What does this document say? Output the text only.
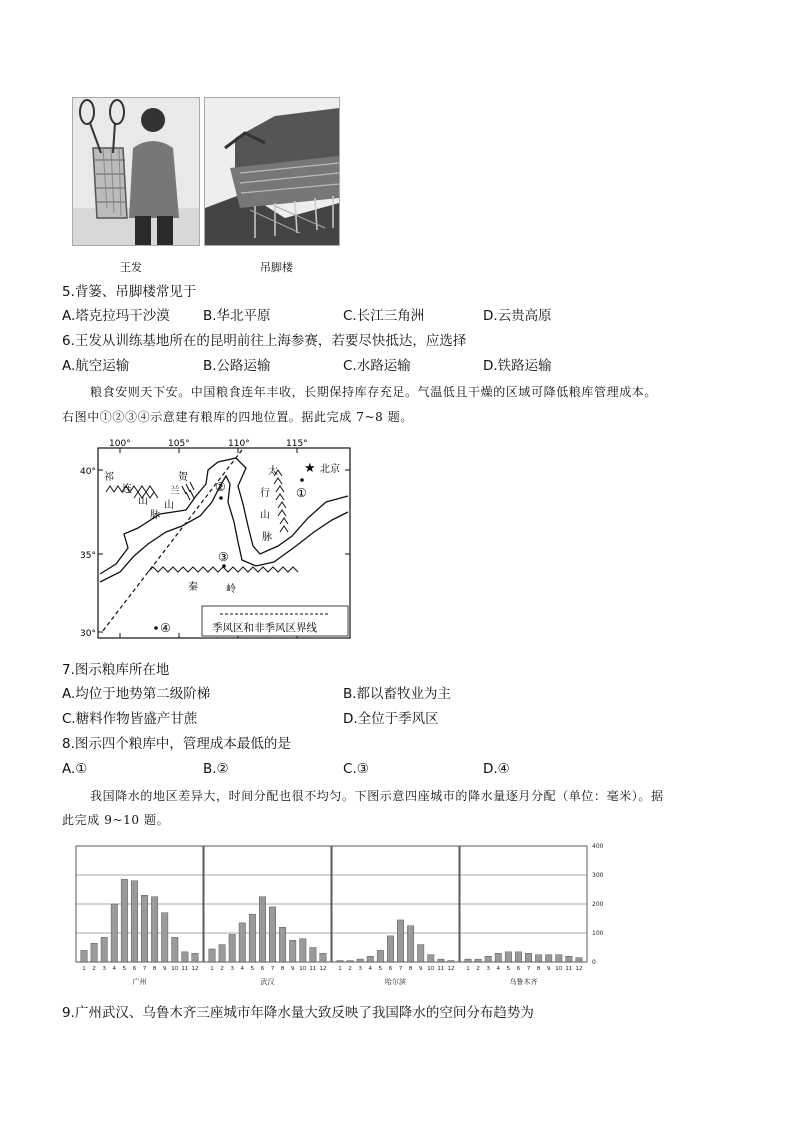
王发	吊脚楼
5.背篓、吊脚楼常见于
A.塔克拉玛干沙漠 B.华北平原	C.长江三角洲	D.云贵高原
6.王发从训练基地所在的昆明前往上海参赛，若要尽快抵达，应选择
A.航空运输	B.公路运输	C.水路运输	D.铁路运输
粮食安则天下安。中国粮食连年丰收，长期保持库存充足。气温低且干燥的区域可降低粮库管理成本。
右图中①②③④示意建有粮库的四地位置。据此完成 7~8 题。
100°	105°	110°	115°
40°
35°
30°
祁
连
山
脉
贺
兰
山
太
行
山
脉
秦	岭
★ 北京
①
②
③
④	季风区和非季风区界线
7.图示粮库所在地
A.均位于地势第二级阶梯	B.都以畜牧业为主
C.糖料作物皆盛产甘蔗	D.全位于季风区
8.图示四个粮库中，管理成本最低的是
A.①	B.②	C.③	D.④
我国降水的地区差异大，时间分配也很不均匀。下图示意四座城市的降水量逐月分配（单位：毫米）。据
此完成 9~10 题。
1 2 3 4 5 6 7 8 9 10 11 12
广州
1 2 3 4 5 6 7 8 9 10 11 12
武汉
1 2 3 4 5 6 7 8 9 10 11 12
哈尔滨
1 2 3 4 5 6 7 8 9 10 11 12
乌鲁木齐
0
100
200
300
400
9.广州武汉、乌鲁木齐三座城市年降水量大致反映了我国降水的空间分布趋势为
